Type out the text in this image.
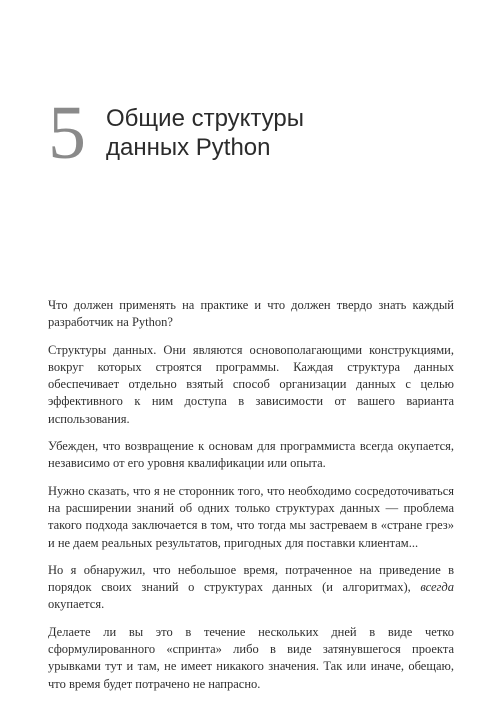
5 Общие структуры
данных Python

Что должен применять на практике и что должен твердо знать каждый разработчик на Python?

Структуры данных. Они являются основополагающими конструкциями, вокруг которых строятся программы. Каждая структура данных обеспечивает отдельно взятый способ организации данных с целью эффективного к ним доступа в зависимости от вашего варианта использования.

Убежден, что возвращение к основам для программиста всегда окупается, независимо от его уровня квалификации или опыта.

Нужно сказать, что я не сторонник того, что необходимо сосредоточиваться на расширении знаний об одних только структурах данных — проблема такого подхода заключается в том, что тогда мы застреваем в «стране грез» и не даем реальных результатов, пригодных для поставки клиентам...

Но я обнаружил, что небольшое время, потраченное на приведение в порядок своих знаний о структурах данных (и алгоритмах), всегда окупается.

Делаете ли вы это в течение нескольких дней в виде четко сформулированного «спринта» либо в виде затянувшегося проекта урывками тут и там, не имеет никакого значения. Так или иначе, обещаю, что время будет потрачено не напрасно.
